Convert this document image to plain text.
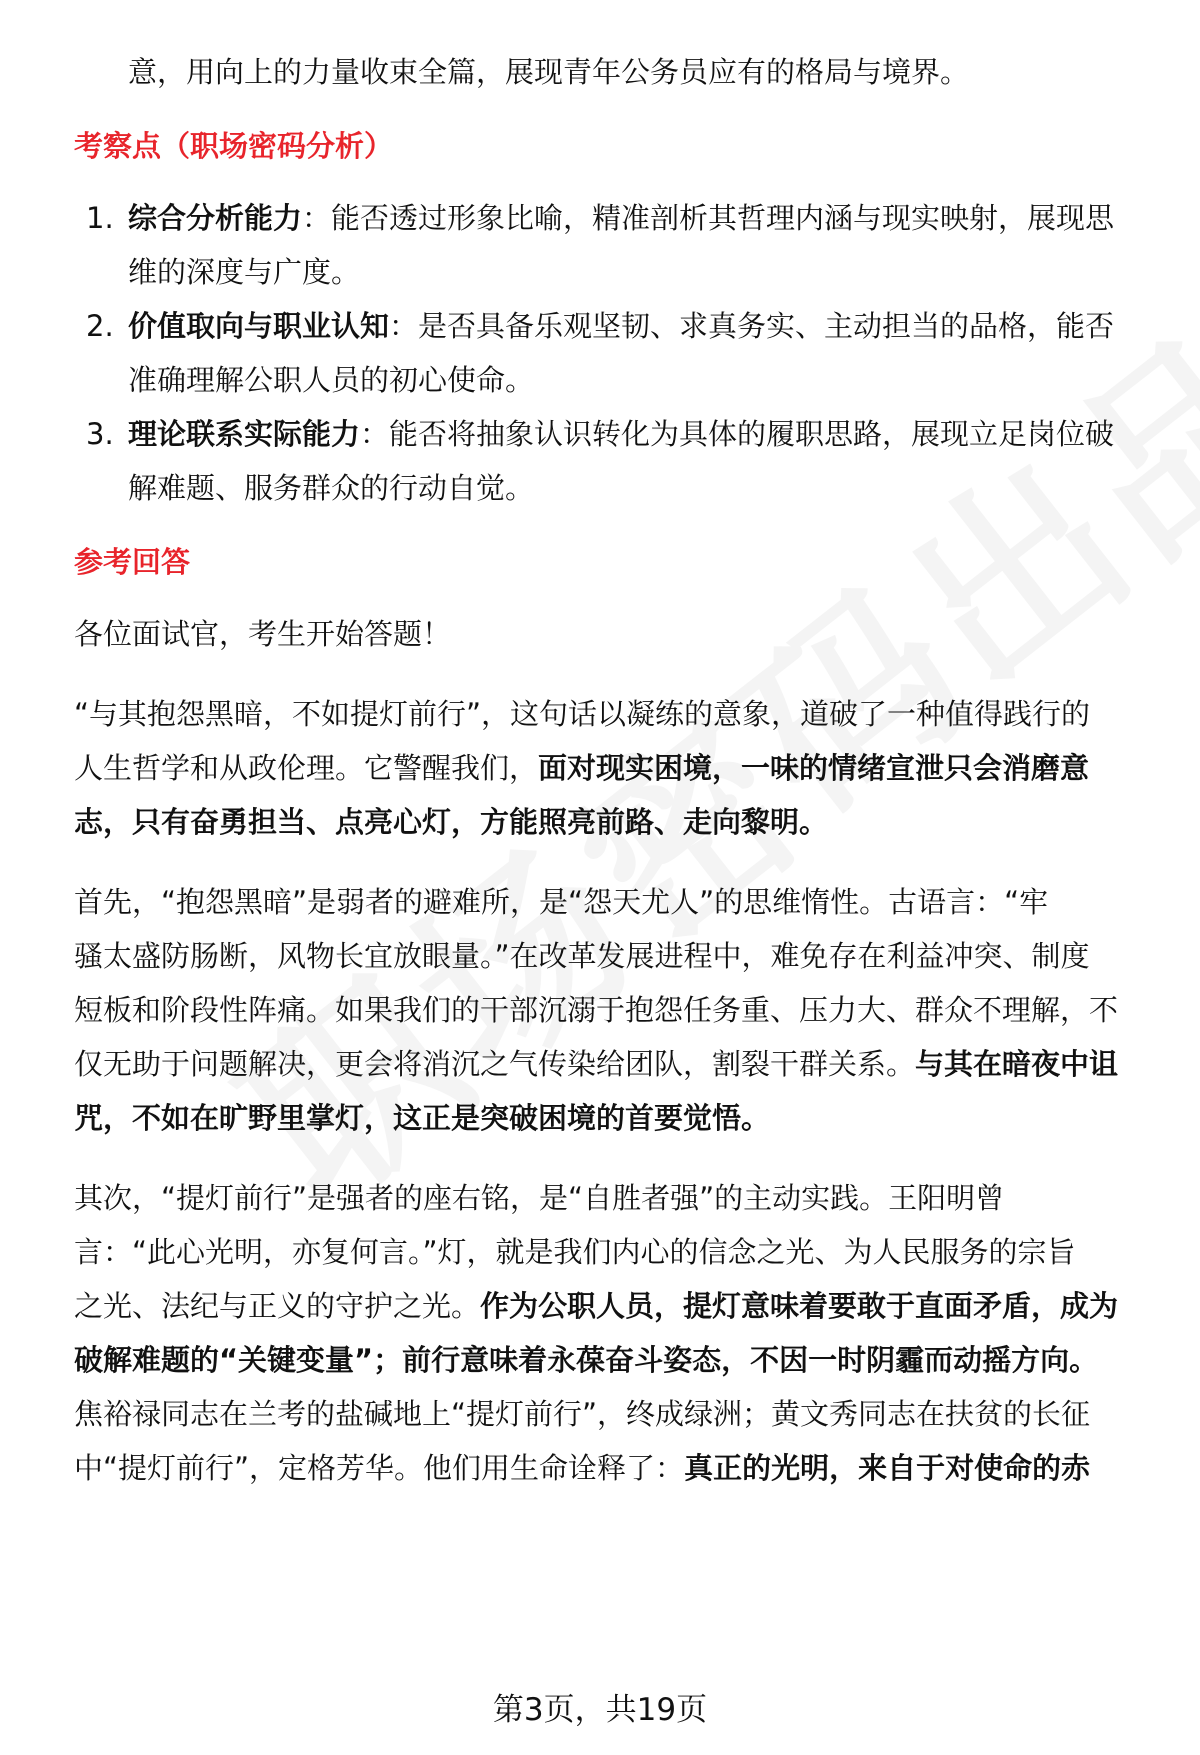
意，用向上的力量收束全篇，展现青年公务员应有的格局与境界。
考察点（职场密码分析）
1. 综合分析能力：能否透过形象比喻，精准剖析其哲理内涵与现实映射，展现思
维的深度与广度。
2. 价值取向与职业认知：是否具备乐观坚韧、求真务实、主动担当的品格，能否
准确理解公职人员的初心使命。
3. 理论联系实际能力：能否将抽象认识转化为具体的履职思路，展现立足岗位破
解难题、服务群众的行动自觉。
参考回答
各位面试官，考生开始答题！
“与其抱怨黑暗，不如提灯前行”，这句话以凝练的意象，道破了一种值得践行的
人生哲学和从政伦理。它警醒我们，面对现实困境，一味的情绪宣泄只会消磨意
志，只有奋勇担当、点亮心灯，方能照亮前路、走向黎明。
首先，“抱怨黑暗”是弱者的避难所，是“怨天尤人”的思维惰性。古语言：“牢
骚太盛防肠断，风物长宜放眼量。”在改革发展进程中，难免存在利益冲突、制度
短板和阶段性阵痛。如果我们的干部沉溺于抱怨任务重、压力大、群众不理解，不
仅无助于问题解决，更会将消沉之气传染给团队，割裂干群关系。与其在暗夜中诅
咒，不如在旷野里掌灯，这正是突破困境的首要觉悟。
其次，“提灯前行”是强者的座右铭，是“自胜者强”的主动实践。王阳明曾
言：“此心光明，亦复何言。”灯，就是我们内心的信念之光、为人民服务的宗旨
之光、法纪与正义的守护之光。作为公职人员，提灯意味着要敢于直面矛盾，成为
破解难题的“关键变量”；前行意味着永葆奋斗姿态，不因一时阴霾而动摇方向。
焦裕禄同志在兰考的盐碱地上“提灯前行”，终成绿洲；黄文秀同志在扶贫的长征
中“提灯前行”，定格芳华。他们用生命诠释了：真正的光明，来自于对使命的赤
第3页，共19页
